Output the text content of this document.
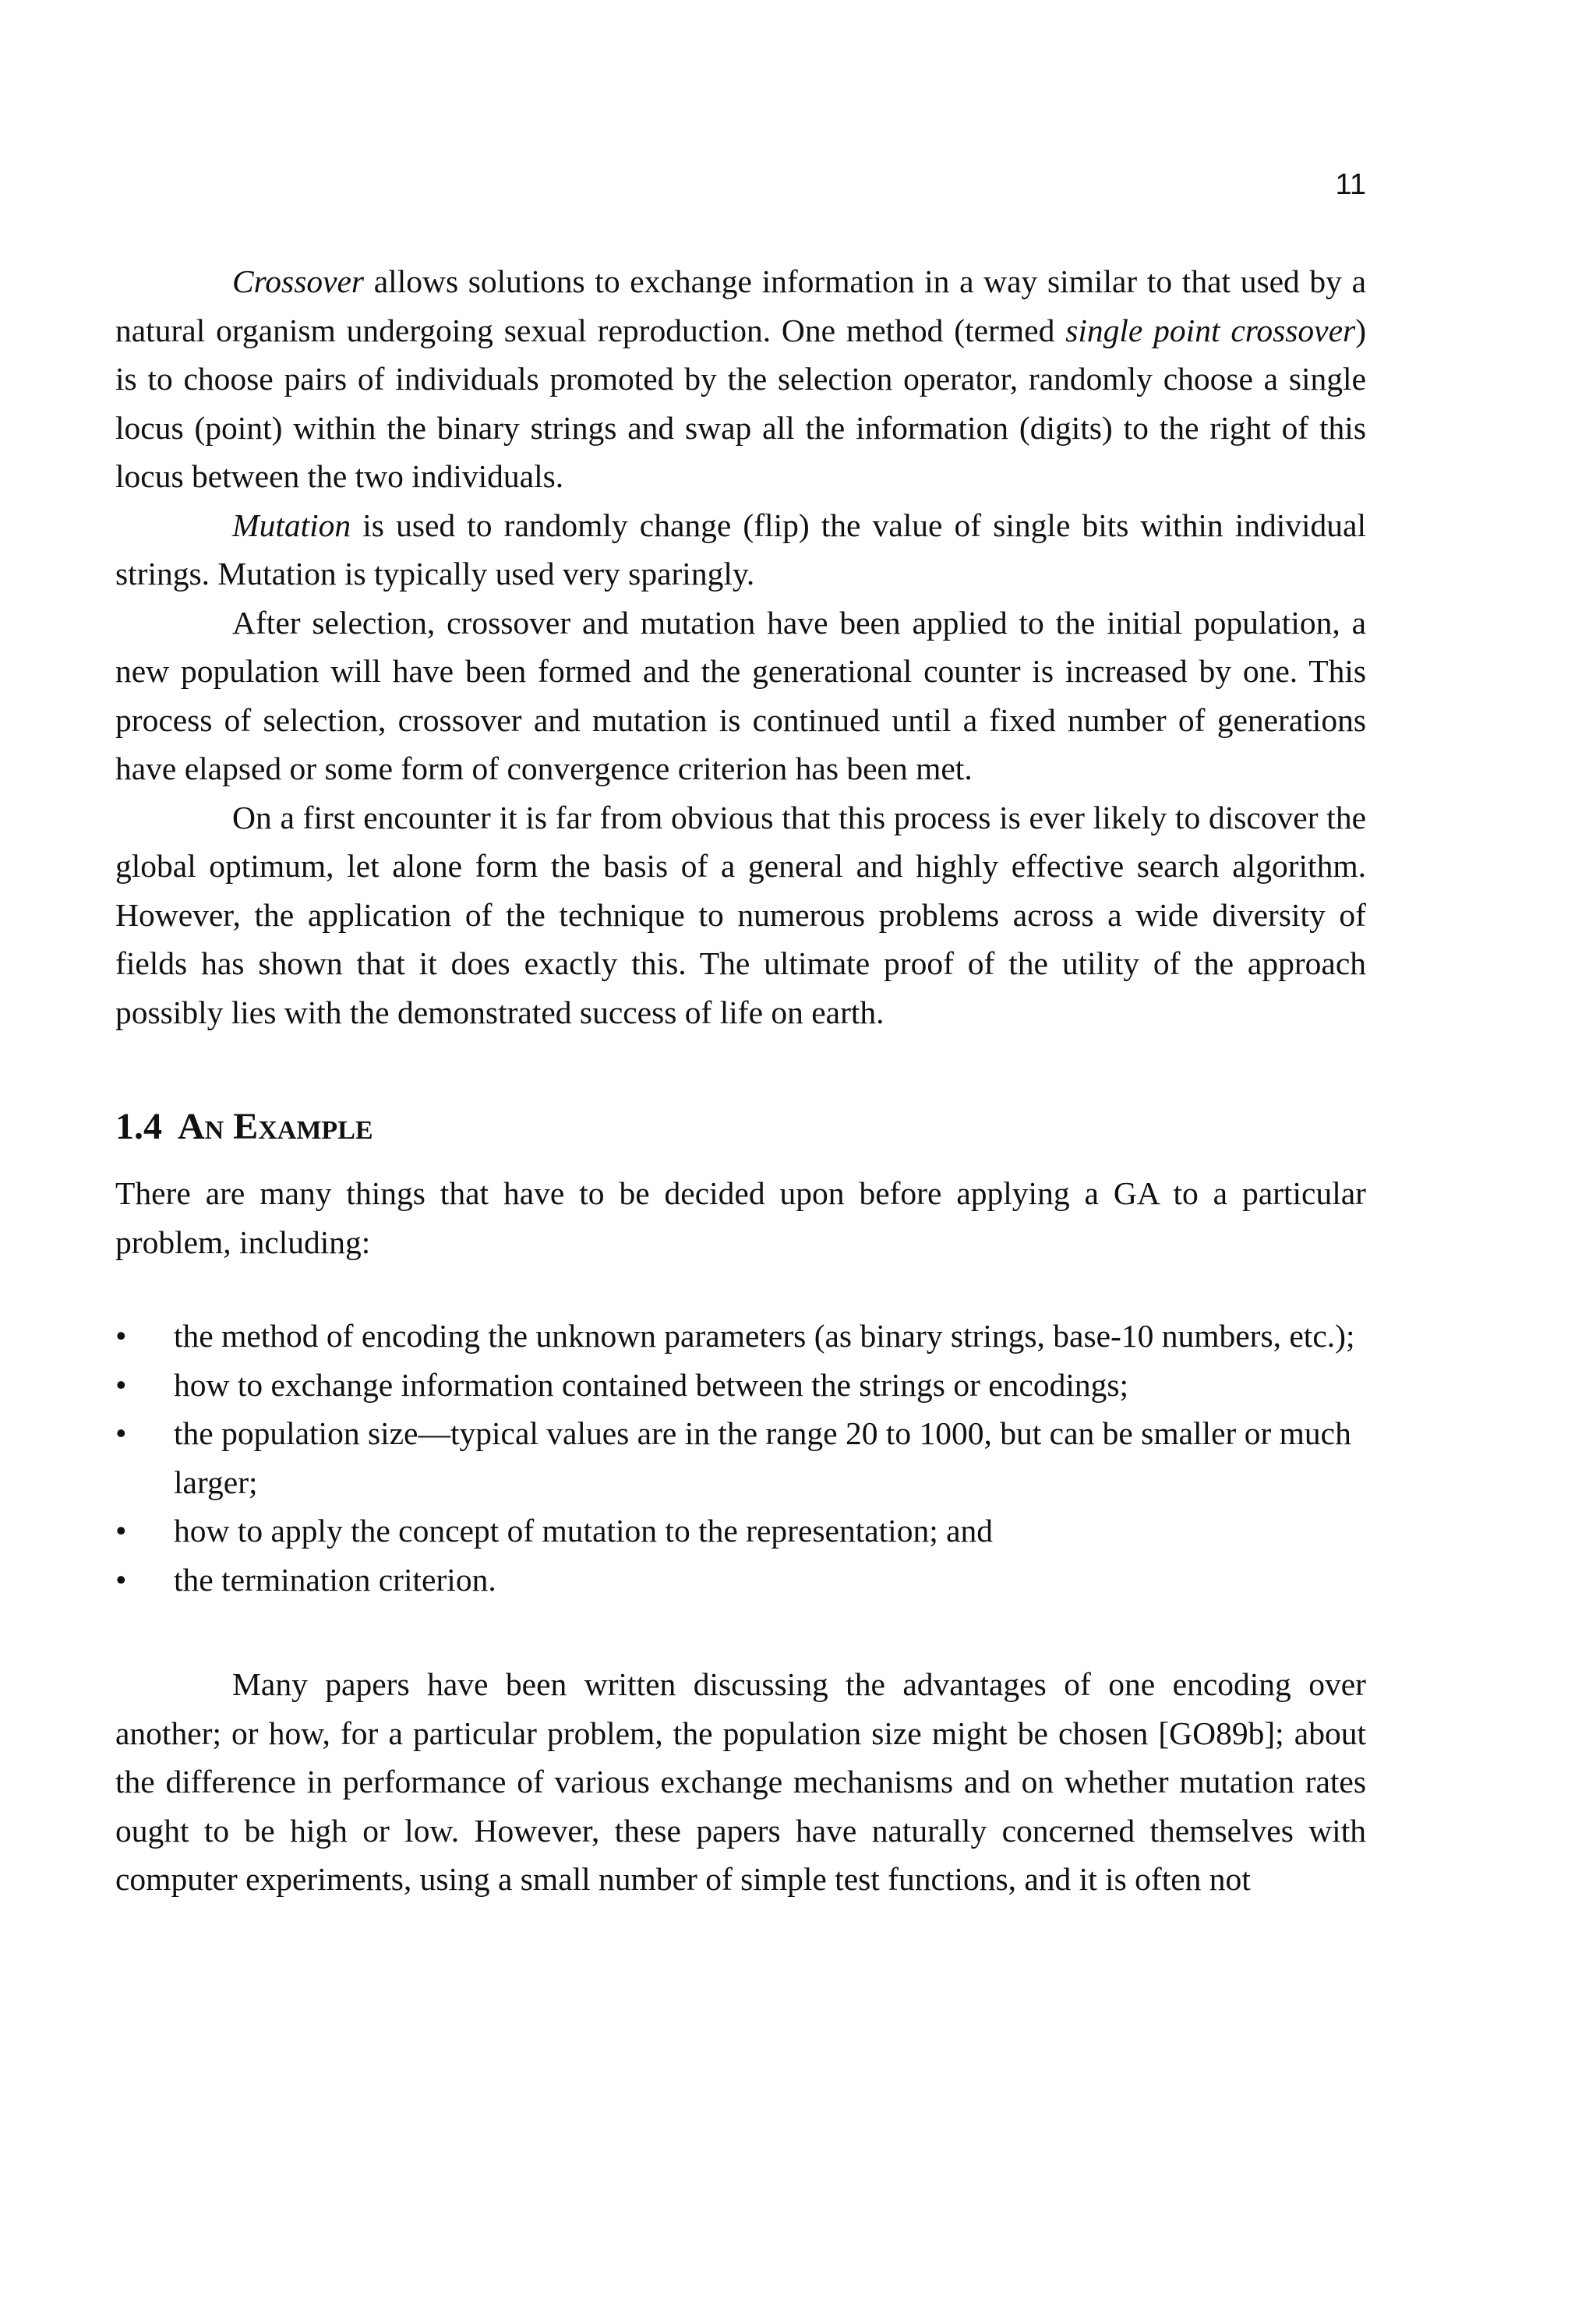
11

Crossover allows solutions to exchange information in a way similar to that used by a natural organism undergoing sexual reproduction. One method (termed single point crossover) is to choose pairs of individuals promoted by the selection operator, randomly choose a single locus (point) within the binary strings and swap all the information (digits) to the right of this locus between the two individuals.

Mutation is used to randomly change (flip) the value of single bits within individual strings. Mutation is typically used very sparingly.

After selection, crossover and mutation have been applied to the initial population, a new population will have been formed and the generational counter is increased by one. This process of selection, crossover and mutation is continued until a fixed number of generations have elapsed or some form of convergence criterion has been met.

On a first encounter it is far from obvious that this process is ever likely to discover the global optimum, let alone form the basis of a general and highly effective search algorithm. However, the application of the technique to numerous problems across a wide diversity of fields has shown that it does exactly this. The ultimate proof of the utility of the approach possibly lies with the demonstrated success of life on earth.

1.4 An Example

There are many things that have to be decided upon before applying a GA to a particular problem, including:

• the method of encoding the unknown parameters (as binary strings, base-10 numbers, etc.);
• how to exchange information contained between the strings or encodings;
• the population size—typical values are in the range 20 to 1000, but can be smaller or much larger;
• how to apply the concept of mutation to the representation; and
• the termination criterion.

Many papers have been written discussing the advantages of one encoding over another; or how, for a particular problem, the population size might be chosen [GO89b]; about the difference in performance of various exchange mechanisms and on whether mutation rates ought to be high or low. However, these papers have naturally concerned themselves with computer experiments, using a small number of simple test functions, and it is often not
